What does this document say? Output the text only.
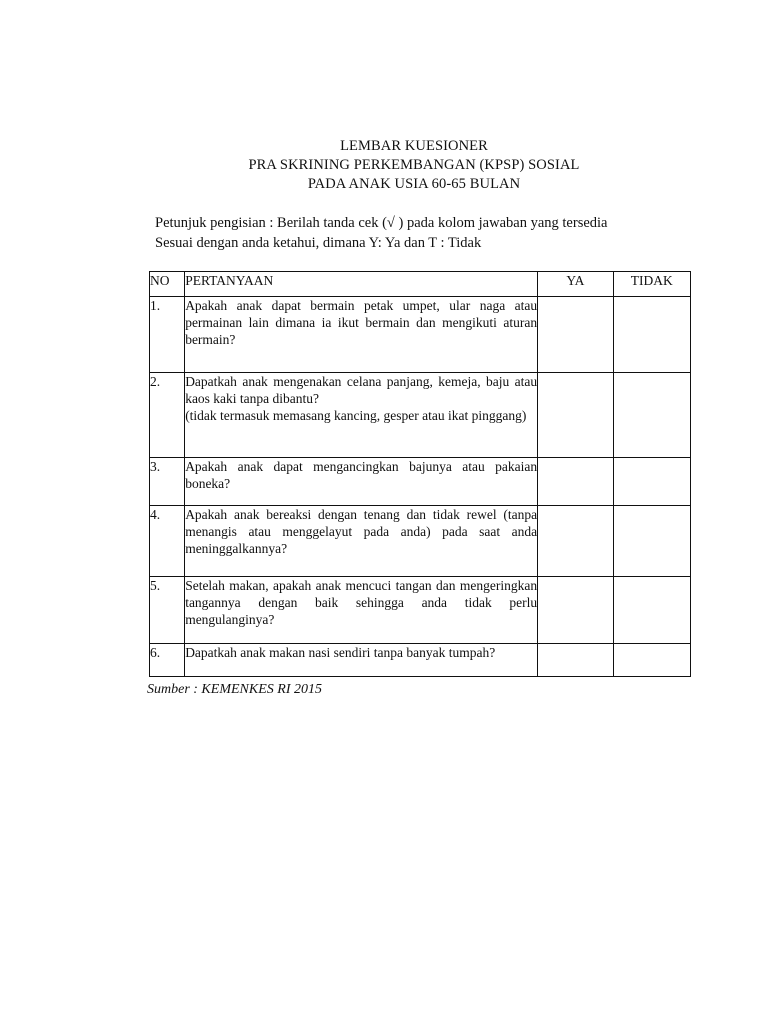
LEMBAR KUESIONER
PRA SKRINING PERKEMBANGAN (KPSP) SOSIAL
PADA ANAK USIA 60-65 BULAN
Petunjuk pengisian : Berilah tanda cek (√ ) pada kolom jawaban yang tersedia
Sesuai dengan anda ketahui, dimana Y: Ya dan T : Tidak
NO	PERTANYAAN	YA	TIDAK
1.	Apakah anak dapat bermain petak umpet, ular naga atau permainan lain dimana ia ikut bermain dan mengikuti aturan bermain?		

2.	Dapatkah anak mengenakan celana panjang, kemeja, baju atau kaos kaki tanpa dibantu?
(tidak termasuk memasang kancing, gesper atau ikat pinggang)		

3.	Apakah anak dapat mengancingkan bajunya atau pakaian boneka?		

4.	Apakah anak bereaksi dengan tenang dan tidak rewel (tanpa menangis atau menggelayut pada anda) pada saat anda meninggalkannya?		

5.	Setelah makan, apakah anak mencuci tangan dan mengeringkan tangannya dengan baik sehingga anda tidak perlu mengulanginya?		

6.	Dapatkah anak makan nasi sendiri tanpa banyak tumpah?		

Sumber : KEMENKES RI 2015
